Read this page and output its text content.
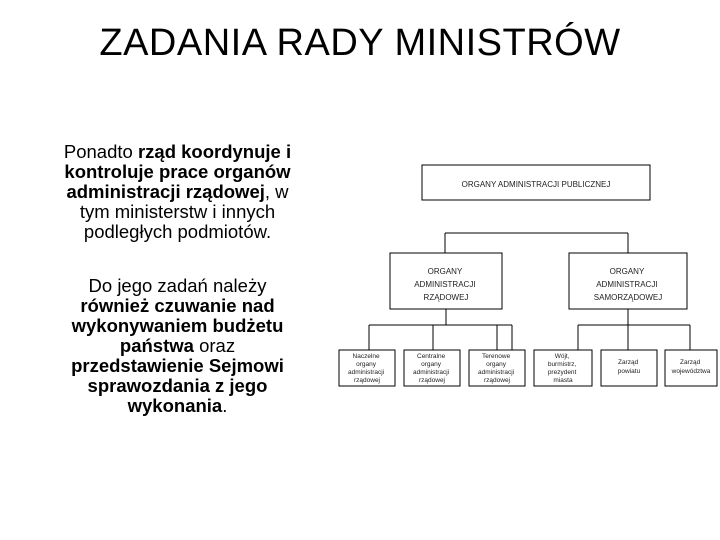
ZADANIA RADY MINISTRÓW

Ponadto rząd koordynuje i kontroluje prace organów administracji rządowej, w tym ministerstw i innych podległych podmiotów.

Do jego zadań należy również czuwanie nad wykonywaniem budżetu państwa oraz przedstawienie Sejmowi sprawozdania z jego wykonania.

ORGANY ADMINISTRACJI PUBLICZNEJ
ORGANY ADMINISTRACJI RZĄDOWEJ
ORGANY ADMINISTRACJI SAMORZĄDOWEJ
Naczelne organy administracji rządowej
Centralne organy administracji rządowej
Terenowe organy administracji rządowej
Wójt, burmistrz, prezydent miasta
Zarząd powiatu
Zarząd województwa
